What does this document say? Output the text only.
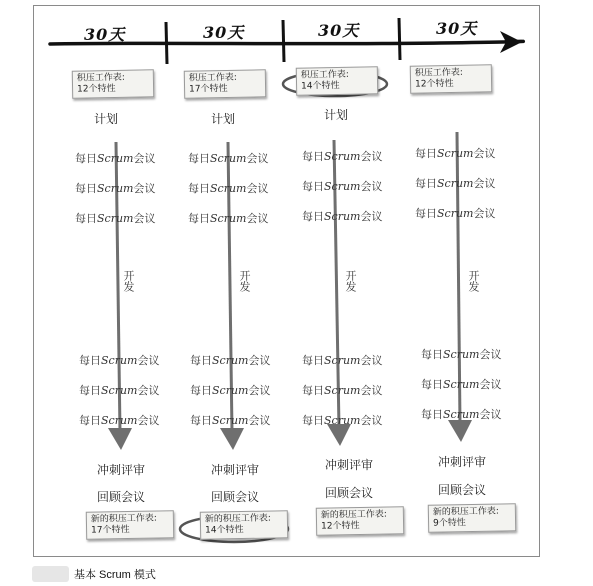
30天	30天	30天	30天
积压工作表:
12个特性
计划
每日Scrum会议
每日Scrum会议
每日Scrum会议
开发
每日Scrum会议
每日Scrum会议
每日Scrum会议
冲刺评审
回顾会议
新的积压工作表:
17个特性
积压工作表:
17个特性
计划
每日Scrum会议
每日Scrum会议
每日Scrum会议
开发
每日Scrum会议
每日Scrum会议
每日Scrum会议
冲刺评审
回顾会议
新的积压工作表:
14个特性
积压工作表:
14个特性
计划
每日Scrum会议
每日Scrum会议
每日Scrum会议
开发
每日Scrum会议
每日Scrum会议
每日Scrum会议
冲刺评审
回顾会议
新的积压工作表:
12个特性
积压工作表:
12个特性
每日Scrum会议
每日Scrum会议
每日Scrum会议
开发
每日Scrum会议
每日Scrum会议
每日Scrum会议
冲刺评审
回顾会议
新的积压工作表:
9个特性
基本 Scrum 模式
